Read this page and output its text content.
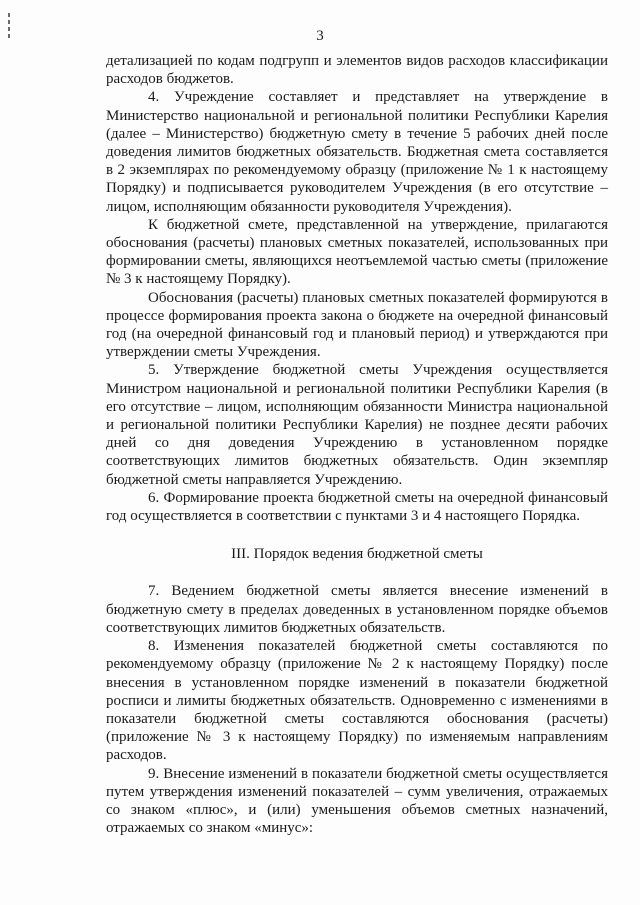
3

детализацией по кодам подгрупп и элементов видов расходов классификации расходов бюджетов.

4. Учреждение составляет и представляет на утверждение в Министерство национальной и региональной политики Республики Карелия (далее – Министерство) бюджетную смету в течение 5 рабочих дней после доведения лимитов бюджетных обязательств. Бюджетная смета составляется в 2 экземплярах по рекомендуемому образцу (приложение № 1 к настоящему Порядку) и подписывается руководителем Учреждения (в его отсутствие – лицом, исполняющим обязанности руководителя Учреждения).

К бюджетной смете, представленной на утверждение, прилагаются обоснования (расчеты) плановых сметных показателей, использованных при формировании сметы, являющихся неотъемлемой частью сметы (приложение № 3 к настоящему Порядку).

Обоснования (расчеты) плановых сметных показателей формируются в процессе формирования проекта закона о бюджете на очередной финансовый год (на очередной финансовый год и плановый период) и утверждаются при утверждении сметы Учреждения.

5. Утверждение бюджетной сметы Учреждения осуществляется Министром национальной и региональной политики Республики Карелия (в его отсутствие – лицом, исполняющим обязанности Министра национальной и региональной политики Республики Карелия) не позднее десяти рабочих дней со дня доведения Учреждению в установленном порядке соответствующих лимитов бюджетных обязательств. Один экземпляр бюджетной сметы направляется Учреждению.

6. Формирование проекта бюджетной сметы на очередной финансовый год осуществляется в соответствии с пунктами 3 и 4 настоящего Порядка.

III. Порядок ведения бюджетной сметы

7. Ведением бюджетной сметы является внесение изменений в бюджетную смету в пределах доведенных в установленном порядке объемов соответствующих лимитов бюджетных обязательств.

8. Изменения показателей бюджетной сметы составляются по рекомендуемому образцу (приложение № 2 к настоящему Порядку) после внесения в установленном порядке изменений в показатели бюджетной росписи и лимиты бюджетных обязательств. Одновременно с изменениями в показатели бюджетной сметы составляются обоснования (расчеты) (приложение № 3 к настоящему Порядку) по изменяемым направлениям расходов.

9. Внесение изменений в показатели бюджетной сметы осуществляется путем утверждения изменений показателей – сумм увеличения, отражаемых со знаком «плюс», и (или) уменьшения объемов сметных назначений, отражаемых со знаком «минус»:
